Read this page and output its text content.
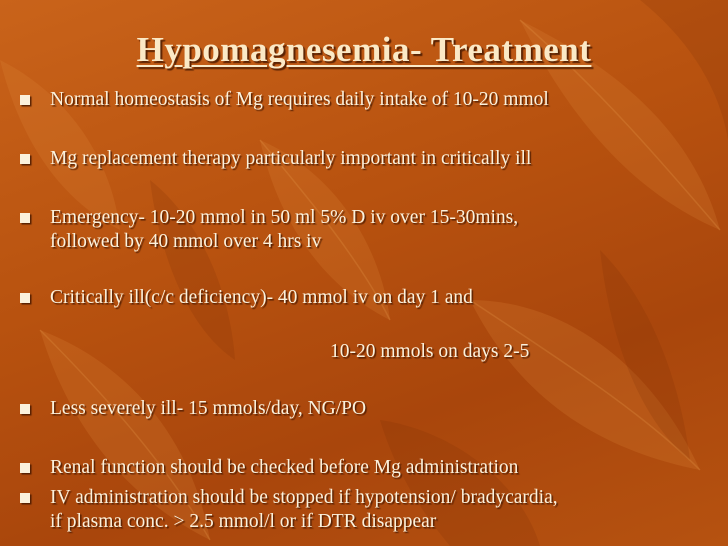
Hypomagnesemia- Treatment
Normal homeostasis of Mg requires daily intake of 10-20 mmol
Mg replacement therapy particularly important in critically ill
Emergency- 10-20 mmol in 50 ml 5% D iv over 15-30mins,
followed by 40 mmol over 4 hrs iv
Critically ill(c/c deficiency)- 40 mmol iv on day 1 and
10-20 mmols on days 2-5
Less severely ill- 15 mmols/day, NG/PO
Renal function should be checked before Mg administration
IV administration should be stopped if hypotension/ bradycardia,
if plasma conc. > 2.5 mmol/l or if DTR disappear
